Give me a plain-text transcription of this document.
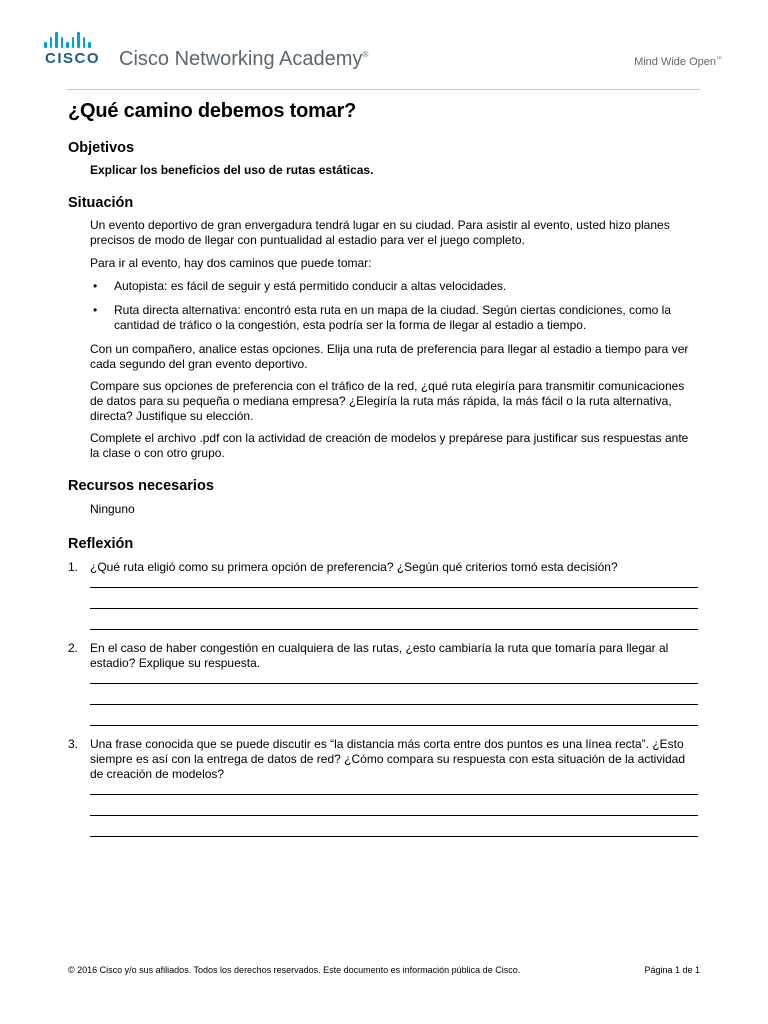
CISCO Cisco Networking Academy®
Mind Wide Open™
¿Qué camino debemos tomar?
Objetivos

Explicar los beneficios del uso de rutas estáticas.

Situación

Un evento deportivo de gran envergadura tendrá lugar en su ciudad. Para asistir al evento, usted hizo planes precisos de modo de llegar con puntualidad al estadio para ver el juego completo.

Para ir al evento, hay dos caminos que puede tomar:

• Autopista: es fácil de seguir y está permitido conducir a altas velocidades.
• Ruta directa alternativa: encontró esta ruta en un mapa de la ciudad. Según ciertas condiciones, como la cantidad de tráfico o la congestión, esta podría ser la forma de llegar al estadio a tiempo.

Con un compañero, analice estas opciones. Elija una ruta de preferencia para llegar al estadio a tiempo para ver cada segundo del gran evento deportivo.

Compare sus opciones de preferencia con el tráfico de la red, ¿qué ruta elegiría para transmitir comunicaciones de datos para su pequeña o mediana empresa? ¿Elegiría la ruta más rápida, la más fácil o la ruta alternativa, directa? Justifique su elección.

Complete el archivo .pdf con la actividad de creación de modelos y prepárese para justificar sus respuestas ante la clase o con otro grupo.

Recursos necesarios

Ninguno

Reflexión
1. ¿Qué ruta eligió como su primera opción de preferencia? ¿Según qué criterios tomó esta decisión?
2. En el caso de haber congestión en cualquiera de las rutas, ¿esto cambiaría la ruta que tomaría para llegar al estadio? Explique su respuesta.
3. Una frase conocida que se puede discutir es “la distancia más corta entre dos puntos es una línea recta”. ¿Esto siempre es así con la entrega de datos de red? ¿Cómo compara su respuesta con esta situación de la actividad de creación de modelos?
© 2016 Cisco y/o sus afiliados. Todos los derechos reservados. Este documento es información pública de Cisco.	Página 1 de 1
